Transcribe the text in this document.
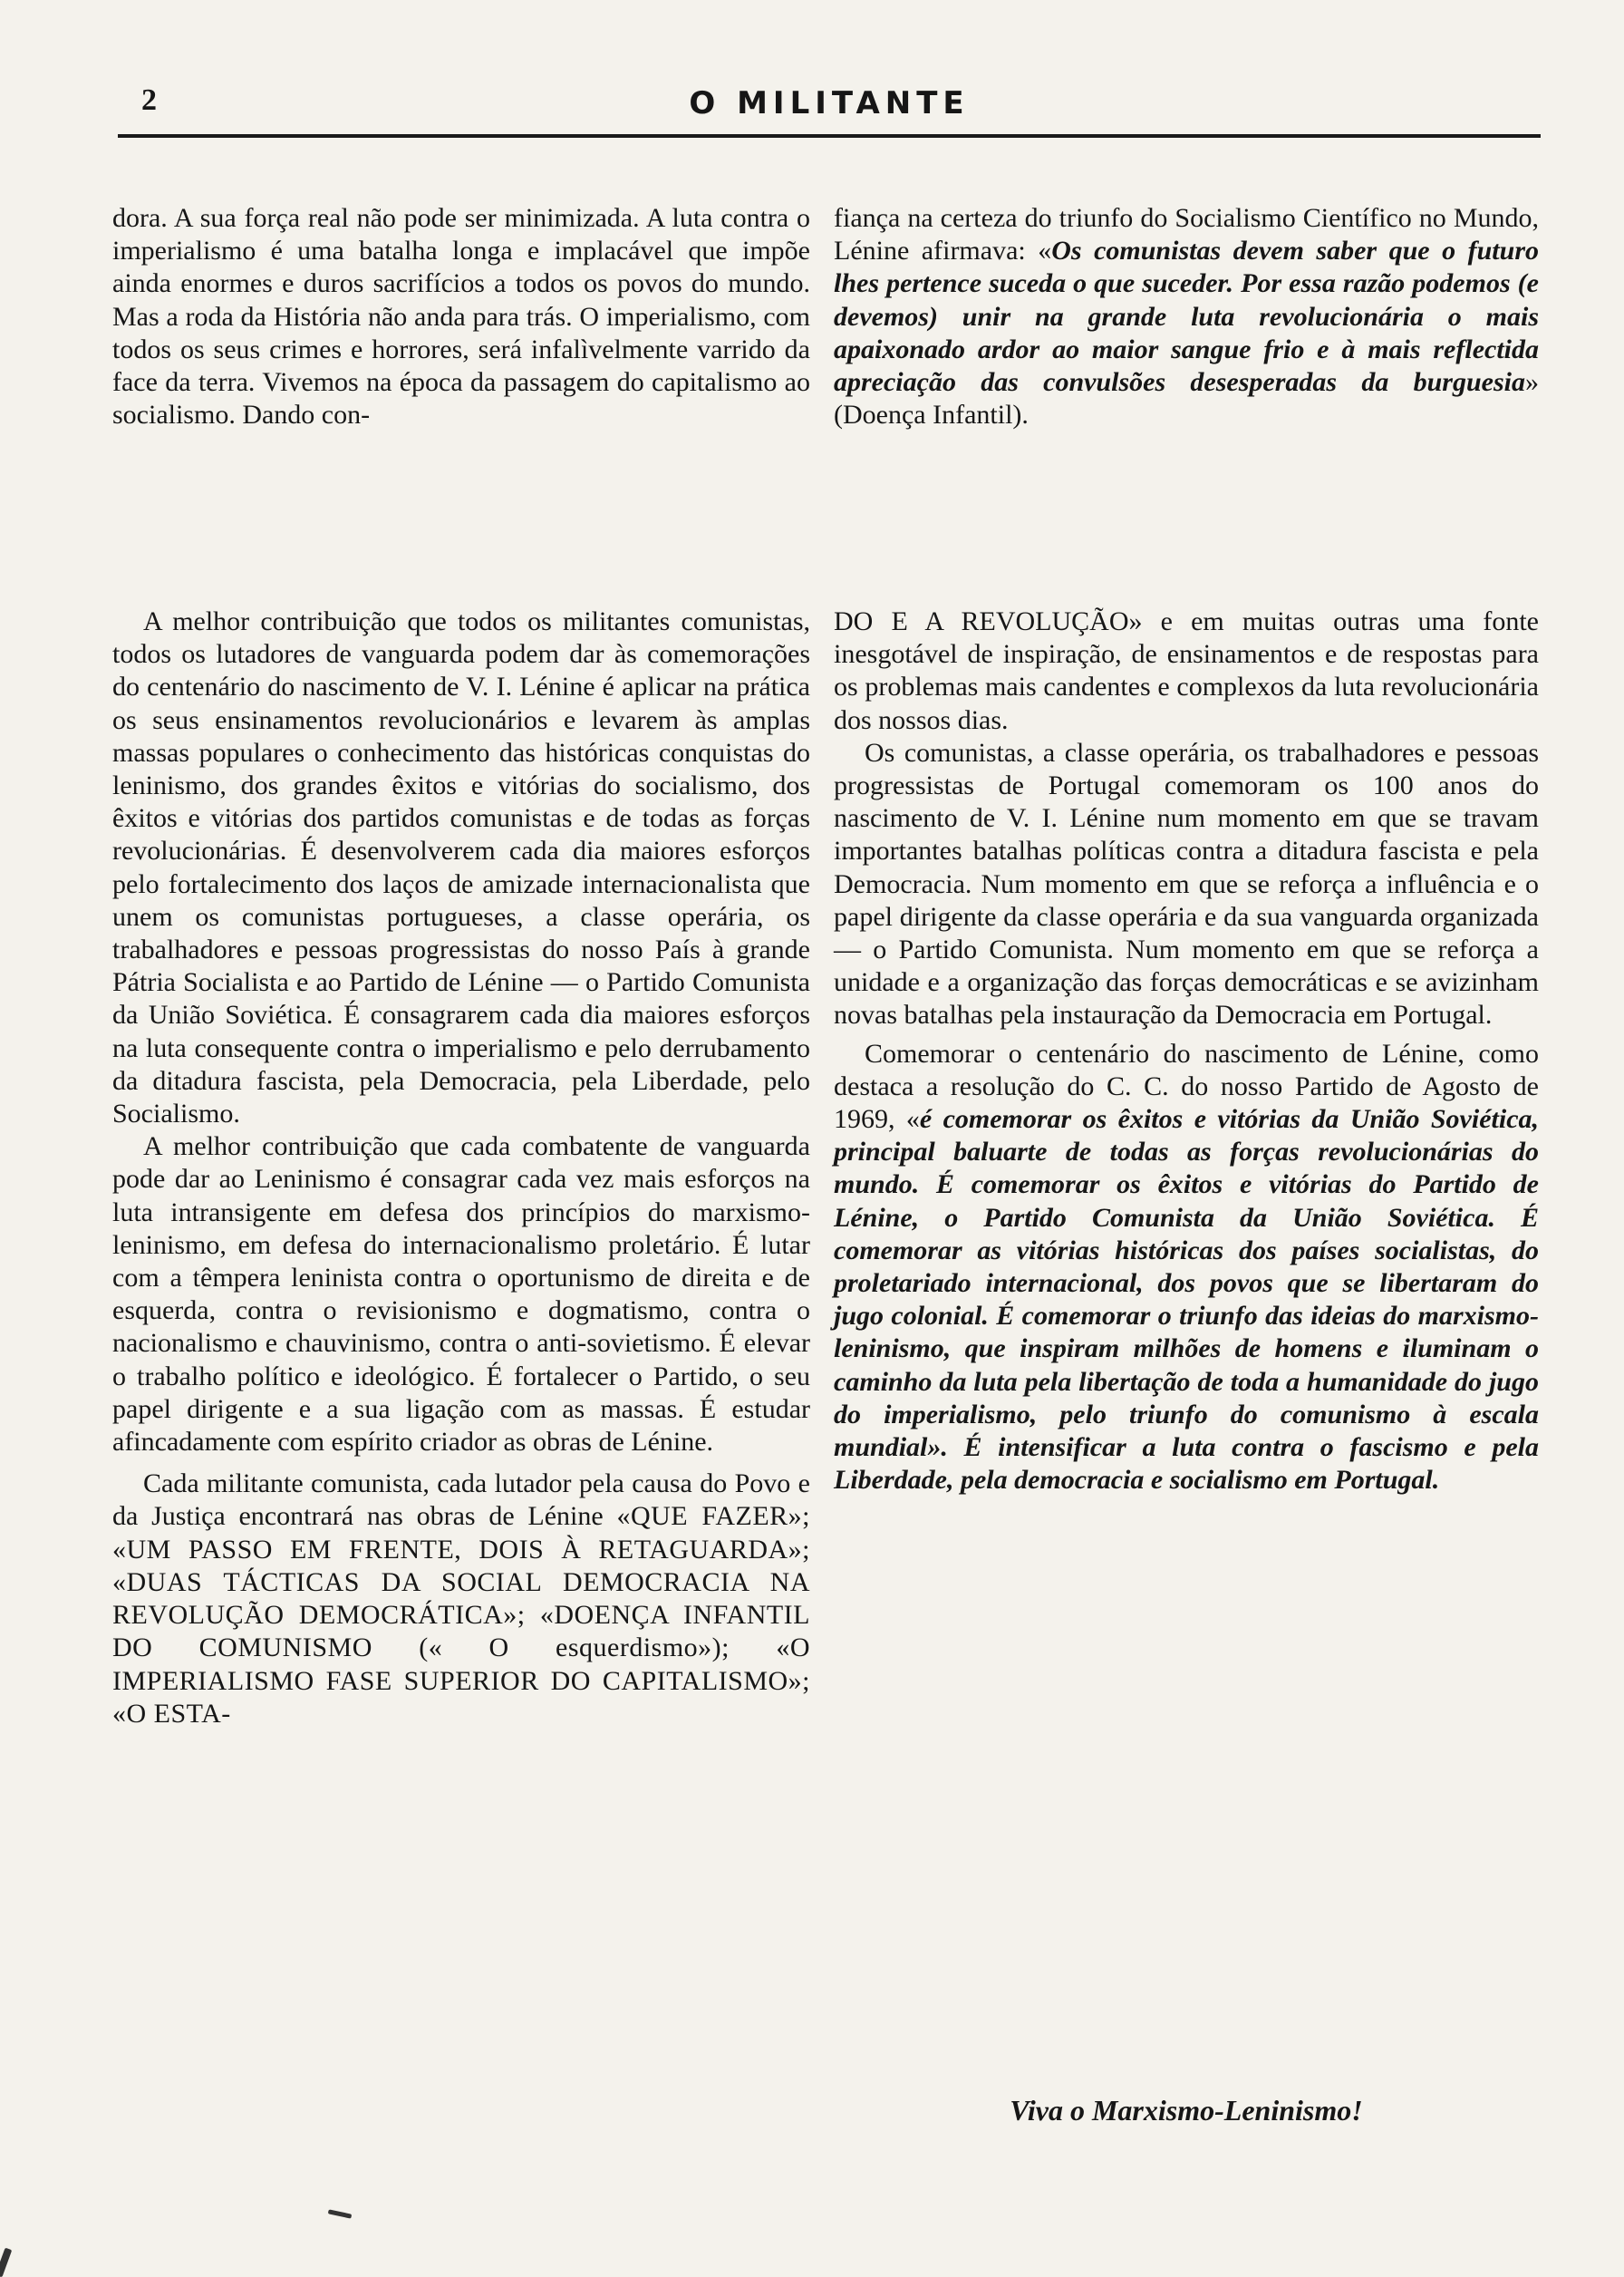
2	O MILITANTE

dora. A sua força real não pode ser minimizada. A luta contra o imperialismo é uma batalha longa e implacável que impõe ainda enormes e duros sacrifícios a todos os povos do mundo. Mas a roda da História não anda para trás. O imperialismo, com todos os seus crimes e horrores, será infalìvelmente varrido da face da terra. Vivemos na época da passagem do capitalismo ao socialismo. Dando con-

fiança na certeza do triunfo do Socialismo Científico no Mundo, Lénine afirmava: «Os comunistas devem saber que o futuro lhes pertence suceda o que suceder. Por essa razão podemos (e devemos) unir na grande luta revolucionária o mais apaixonado ardor ao maior sangue frio e à mais reflectida apreciação das convulsões desesperadas da burguesia» (Doença Infantil).

A melhor contribuição que todos os militantes comunistas, todos os lutadores de vanguarda podem dar às comemorações do centenário do nascimento de V. I. Lénine é aplicar na prática os seus ensinamentos revolucionários e levarem às amplas massas populares o conhecimento das históricas conquistas do leninismo, dos grandes êxitos e vitórias do socialismo, dos êxitos e vitórias dos partidos comunistas e de todas as forças revolucionárias. É desenvolverem cada dia maiores esforços pelo fortalecimento dos laços de amizade internacionalista que unem os comunistas portugueses, a classe operária, os trabalhadores e pessoas progressistas do nosso País à grande Pátria Socialista e ao Partido de Lénine — o Partido Comunista da União Soviética. É consagrarem cada dia maiores esforços na luta consequente contra o imperialismo e pelo derrubamento da ditadura fascista, pela Democracia, pela Liberdade, pelo Socialismo.

A melhor contribuição que cada combatente de vanguarda pode dar ao Leninismo é consagrar cada vez mais esforços na luta intransigente em defesa dos princípios do marxismo-leninismo, em defesa do internacionalismo proletário. É lutar com a têmpera leninista contra o oportunismo de direita e de esquerda, contra o revisionismo e dogmatismo, contra o nacionalismo e chauvinismo, contra o anti-sovietismo. É elevar o trabalho político e ideológico. É fortalecer o Partido, o seu papel dirigente e a sua ligação com as massas. É estudar afincadamente com espírito criador as obras de Lénine.

Cada militante comunista, cada lutador pela causa do Povo e da Justiça encontrará nas obras de Lénine «QUE FAZER»; «UM PASSO EM FRENTE, DOIS À RETAGUARDA»; «DUAS TÁCTICAS DA SOCIAL DEMOCRACIA NA REVOLUÇÃO DEMOCRÁTICA»; «DOENÇA INFANTIL DO COMUNISMO (« O esquerdismo»); «O IMPERIALISMO FASE SUPERIOR DO CAPITALISMO»; «O ESTA-

DO E A REVOLUÇÃO» e em muitas outras uma fonte inesgotável de inspiração, de ensinamentos e de respostas para os problemas mais candentes e complexos da luta revolucionária dos nossos dias.

Os comunistas, a classe operária, os trabalhadores e pessoas progressistas de Portugal comemoram os 100 anos do nascimento de V. I. Lénine num momento em que se travam importantes batalhas políticas contra a ditadura fascista e pela Democracia. Num momento em que se reforça a influência e o papel dirigente da classe operária e da sua vanguarda organizada — o Partido Comunista. Num momento em que se reforça a unidade e a organização das forças democráticas e se avizinham novas batalhas pela instauração da Democracia em Portugal.

Comemorar o centenário do nascimento de Lénine, como destaca a resolução do C. C. do nosso Partido de Agosto de 1969, «é comemorar os êxitos e vitórias da União Soviética, principal baluarte de todas as forças revolucionárias do mundo. É comemorar os êxitos e vitórias do Partido de Lénine, o Partido Comunista da União Soviética. É comemorar as vitórias históricas dos países socialistas, do proletariado internacional, dos povos que se libertaram do jugo colonial. É comemorar o triunfo das ideias do marxismo-leninismo, que inspiram milhões de homens e iluminam o caminho da luta pela libertação de toda a humanidade do jugo do imperialismo, pelo triunfo do comunismo à escala mundial». É intensificar a luta contra o fascismo e pela Liberdade, pela democracia e socialismo em Portugal.

Viva o Marxismo-Leninismo!
